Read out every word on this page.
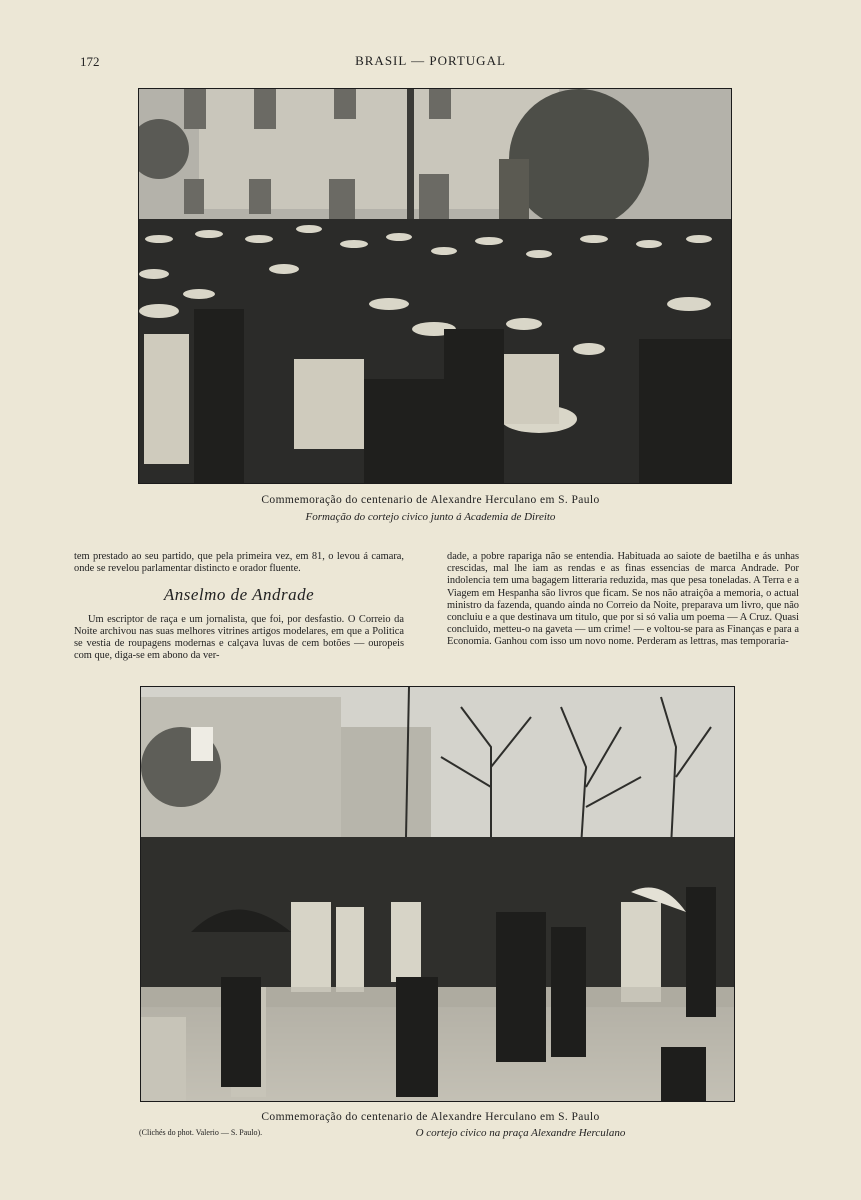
172	BRASIL — PORTUGAL
Commemoração do centenario de Alexandre Herculano em S. Paulo
Formação do cortejo civico junto á Academia de Direito

tem prestado ao seu partido, que pela primeira vez, em 81, o levou á camara, onde se revelou parlamentar distincto e orador fluente.

Anselmo de Andrade

Um escriptor de raça e um jornalista, que foi, por desfastio. O Correio da Noite archivou nas suas melhores vitrines artigos modelares, em que a Politica se vestia de roupagens modernas e calçava luvas de cem botões — ouropeis com que, diga-se em abono da ver-

dade, a pobre rapariga não se entendia. Habituada ao saiote de baetilha e ás unhas crescidas, mal lhe iam as rendas e as finas essencias de marca Andrade. Por indolencia tem uma bagagem litteraria reduzida, mas que pesa toneladas. A Terra e a Viagem em Hespanha são livros que ficam. Se nos não atraiçôa a memoria, o actual ministro da fazenda, quando ainda no Correio da Noite, preparava um livro, que não concluiu e a que destinava um titulo, que por si só valia um poema — A Cruz. Quasi concluido, metteu-o na gaveta — um crime! — e voltou-se para as Finanças e para a Economia. Ganhou com isso um novo nome. Perderam as lettras, mas temporaria-

Commemoração do centenario de Alexandre Herculano em S. Paulo
(Clichés do phot. Valerio — S. Paulo).	O cortejo civico na praça Alexandre Herculano
